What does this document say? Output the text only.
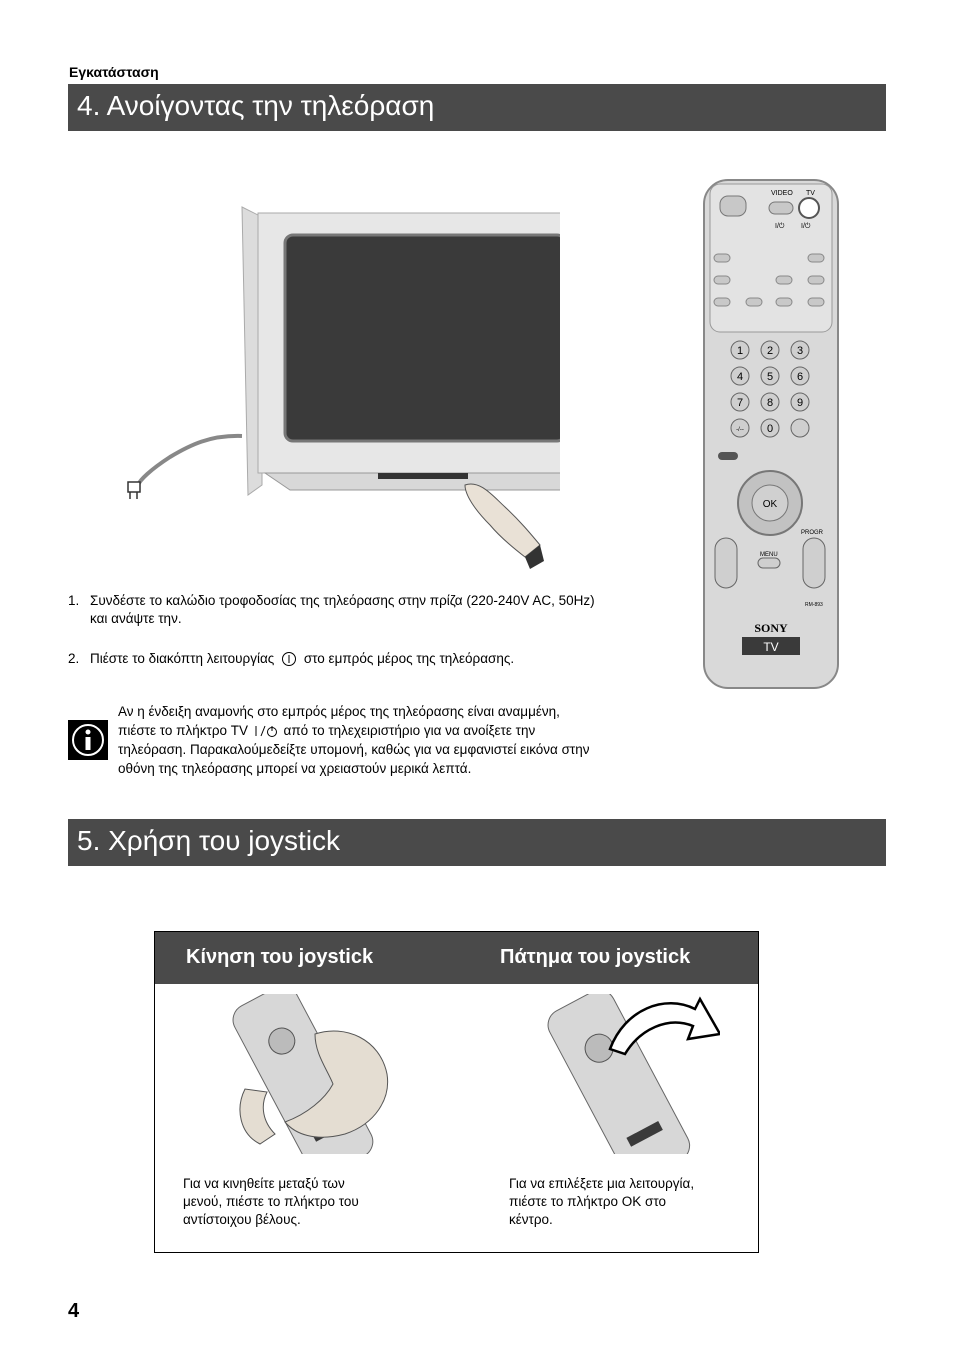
Εγκατάσταση
4. Ανοίγοντας την τηλεόραση
VIDEO TV
I/⏻ I/⏻
1 2 3
4 5 6
7 8 9
-/-- 0
OK
PROGR
MENU
RM-893
SONY
TV
1. Συνδέστε το καλώδιο τροφοδοσίας της τηλεόρασης στην πρίζα (220-240V AC, 50Hz)
και ανάψτε την.
2. Πιέστε το διακόπτη λειτουργίας στο εμπρός μέρος της τηλεόρασης.
Αν η ένδειξη αναμονής στο εμπρός μέρος της τηλεόρασης είναι αναμμένη,
πιέστε το πλήκτρο TV	από το τηλεχειριστήριο για να ανοίξετε την
τηλεόραση. Παρακαλούμεδείξτε υπομονή, καθώς για να εμφανιστεί εικόνα στην
οθόνη της τηλεόρασης μπορεί να χρειαστούν μερικά λεπτά.
5. Χρήση του joystick
Κίνηση του joystick	Πάτημα του joystick
Για να κινηθείτε μεταξύ των
μενού, πιέστε το πλήκτρο του
αντίστοιχου βέλους.
Για να επιλέξετε μια λειτουργία,
πιέστε το πλήκτρο OK στο
κέντρο.
4
